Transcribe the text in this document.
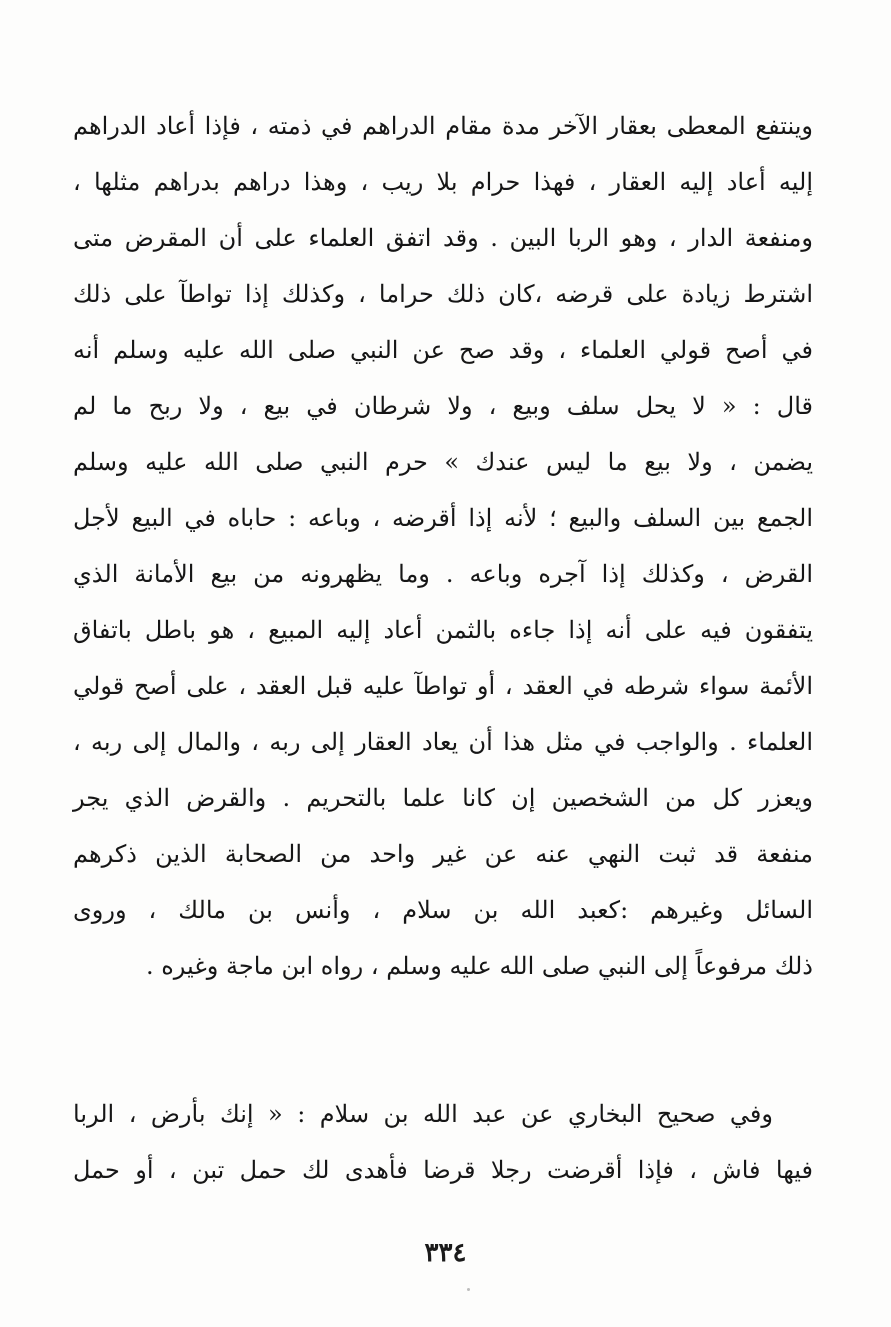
وينتفع المعطى بعقار الآخر مدة مقام الدراهم في ذمته ، فإذا أعاد الدراهم
إليه أعاد إليه العقار ، فهذا حرام بلا ريب ، وهذا دراهم بدراهم مثلها ،
ومنفعة الدار ، وهو الربا البين . وقد اتفق العلماء على أن المقرض متى
اشترط زيادة على قرضه ،كان ذلك حراما ، وكذلك إذا تواطآ على ذلك
في أصح قولي العلماء ، وقد صح عن النبي صلى الله عليه وسلم أنه
قال : « لا يحل سلف وبيع ، ولا شرطان في بيع ، ولا ربح ما لم
يضمن ، ولا بيع ما ليس عندك » حرم النبي صلى الله عليه وسلم
الجمع بين السلف والبيع ؛ لأنه إذا أقرضه ، وباعه : حاباه في البيع لأجل
القرض ، وكذلك إذا آجره وباعه . وما يظهرونه من بيع الأمانة الذي
يتفقون فيه على أنه إذا جاءه بالثمن أعاد إليه المبيع ، هو باطل باتفاق
الأئمة سواء شرطه في العقد ، أو تواطآ عليه قبل العقد ، على أصح قولي
العلماء . والواجب في مثل هذا أن يعاد العقار إلى ربه ، والمال إلى ربه ،
ويعزر كل من الشخصين إن كانا علما بالتحريم . والقرض الذي يجر
منفعة قد ثبت النهي عنه عن غير واحد من الصحابة الذين ذكرهم
السائل وغيرهم :كعبد الله بن سلام ، وأنس بن مالك ، وروى
ذلك مرفوعاً إلى النبي صلى الله عليه وسلم ، رواه ابن ماجة وغيره .
وفي صحيح البخاري عن عبد الله بن سلام : « إنك بأرض ، الربا
فيها فاش ، فإذا أقرضت رجلا قرضا فأهدى لك حمل تبن ، أو حمل
٣٣٤
